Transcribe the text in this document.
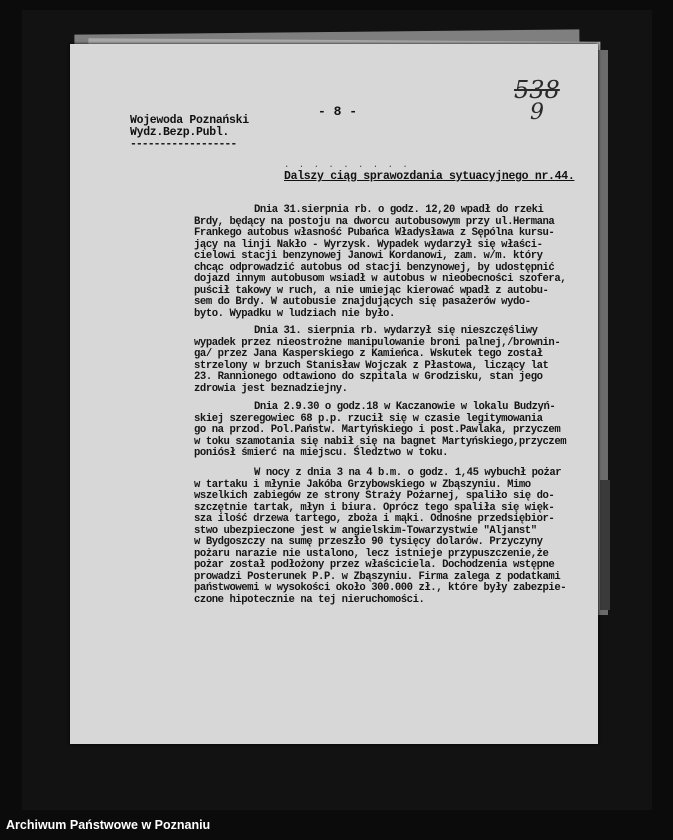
538
9
- 8 -
Wojewoda Poznański
Wydz.Bezp.Publ.
------------------
. . . . . . . . .
Dalszy ciąg sprawozdania sytuacyjnego nr.44.
Dnia 31.sierpnia rb. o godz. 12,20 wpadł do rzeki
Brdy, będący na postoju na dworcu autobusowym przy ul.Hermana
Frankego autobus własność Pubańca Władysława z Sępólna kursu-
jący na linji Nakło - Wyrzysk. Wypadek wydarzył się właści-
cielowi stacji benzynowej Janowi Kordanowi, zam. w/m. który
chcąc odprowadzić autobus od stacji benzynowej, by udostępnić
dojazd innym autobusom wsiadł w autobus w nieobecności szofera,
puścił takowy w ruch, a nie umiejąc kierować wpadł z autobu-
sem do Brdy. W autobusie znajdujących się pasażerów wydo-
byto. Wypadku w ludziach nie było.
Dnia 31. sierpnia rb. wydarzył się nieszczęśliwy
wypadek przez nieostrożne manipulowanie broni palnej,/brownin-
ga/ przez Jana Kasperskiego z Kamieńca. Wskutek tego został
strzelony w brzuch Stanisław Wojczak z Płastowa, liczący lat
23. Rannionego odtawiono do szpitala w Grodzisku, stan jego
zdrowia jest beznadziejny.
Dnia 2.9.30 o godz.18 w Kaczanowie w lokalu Budzyń-
skiej szeregowiec 68 p.p. rzucił się w czasie legitymowania
go na przod. Pol.Państw. Martyńskiego i post.Pawlaka, przyczem
w toku szamotania się nabił się na bagnet Martyńskiego,przyczem
poniósł śmierć na miejscu. Śledztwo w toku.
W nocy z dnia 3 na 4 b.m. o godz. 1,45 wybuchł pożar
w tartaku i młynie Jakóba Grzybowskiego w Zbąszyniu. Mimo
wszelkich zabiegów ze strony Straży Pożarnej, spaliło się do-
szczętnie tartak, młyn i biura. Oprócz tego spaliła się więk-
sza ilość drzewa tartego, zboża i mąki. Odnośne przedsiębior-
stwo ubezpieczone jest w angielskim-Towarzystwie "Aljanst"
w Bydgoszczy na sumę przeszło 90 tysięcy dolarów. Przyczyny
pożaru narazie nie ustalono, lecz istnieje przypuszczenie,że
pożar został podłożony przez właściciela. Dochodzenia wstępne
prowadzi Posterunek P.P. w Zbąszyniu. Firma zalega z podatkami
państwowemi w wysokości około 300.000 zł., które były zabezpie-
czone hipotecznie na tej nieruchomości.
Archiwum Państwowe w Poznaniu
